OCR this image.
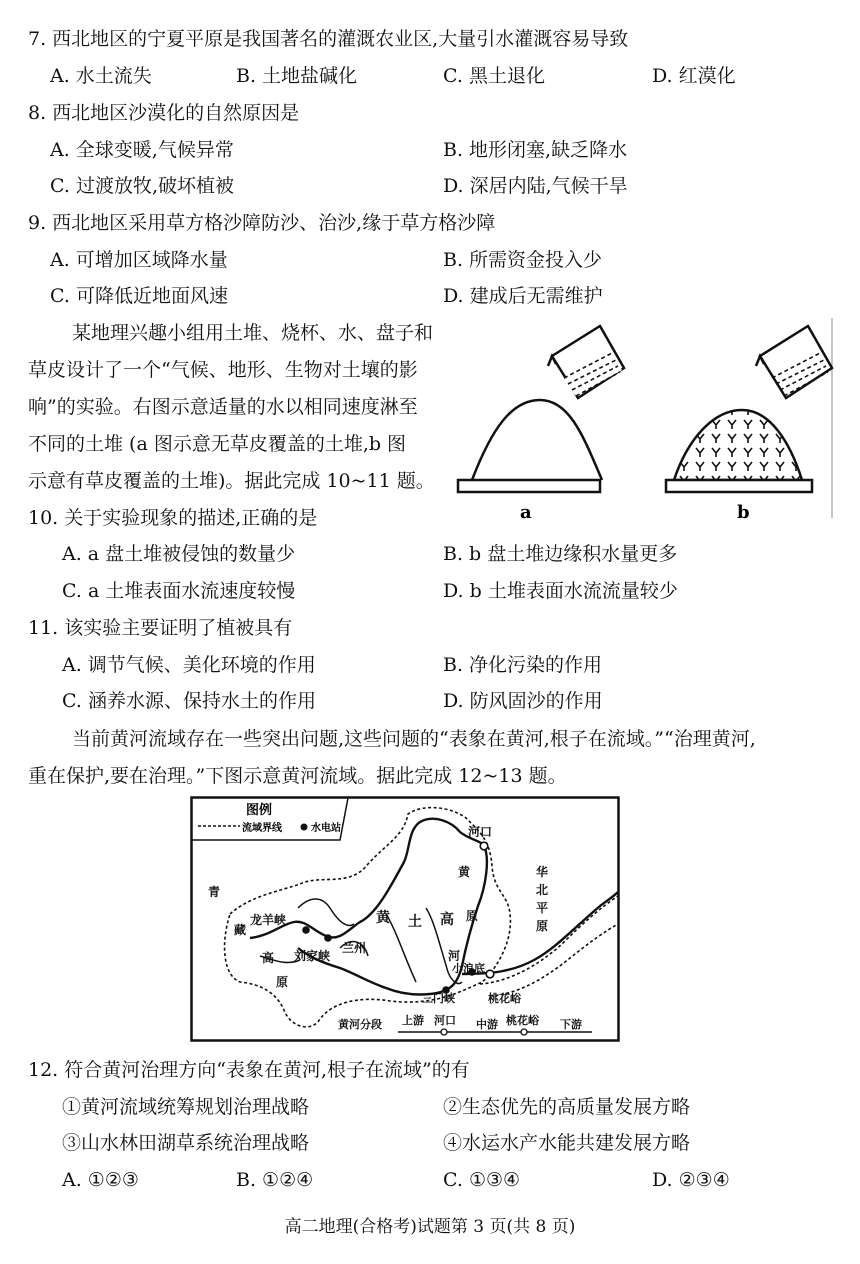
7. 西北地区的宁夏平原是我国著名的灌溉农业区,大量引水灌溉容易导致
A. 水土流失	B. 土地盐碱化	C. 黑土退化	D. 红漠化
8. 西北地区沙漠化的自然原因是
A. 全球变暖,气候异常	B. 地形闭塞,缺乏降水
C. 过渡放牧,破坏植被	D. 深居内陆,气候干旱
9. 西北地区采用草方格沙障防沙、治沙,缘于草方格沙障
A. 可增加区域降水量	B. 所需资金投入少
C. 可降低近地面风速	D. 建成后无需维护
某地理兴趣小组用土堆、烧杯、水、盘子和
草皮设计了一个“气候、地形、生物对土壤的影
响”的实验。右图示意适量的水以相同速度淋至
不同的土堆 (a 图示意无草皮覆盖的土堆,b 图
示意有草皮覆盖的土堆)。据此完成 10~11 题。
a	b
10. 关于实验现象的描述,正确的是
A. a 盘土堆被侵蚀的数量少	B. b 盘土堆边缘积水量更多
C. a 土堆表面水流速度较慢	D. b 土堆表面水流流量较少
11. 该实验主要证明了植被具有
A. 调节气候、美化环境的作用	B. 净化污染的作用
C. 涵养水源、保持水土的作用	D. 防风固沙的作用
当前黄河流域存在一些突出问题,这些问题的“表象在黄河,根子在流域。”“治理黄河,
重在保护,要在治理。”下图示意黄河流域。据此完成 12~13 题。
图例
流域界线	水电站	河口
黄
原
河
黄 土 高
青
藏
高
原
龙羊峡
兰州
刘家峡
小浪底
三门峡	桃花峪
华
北
平
原
黄河分段 上游 河口 中游 桃花峪 下游
12. 符合黄河治理方向“表象在黄河,根子在流域”的有
①黄河流域统筹规划治理战略	②生态优先的高质量发展方略
③山水林田湖草系统治理战略	④水运水产水能共建发展方略
A. ①②③	B. ①②④	C. ①③④	D. ②③④
高二地理(合格考)试题第 3 页(共 8 页)
